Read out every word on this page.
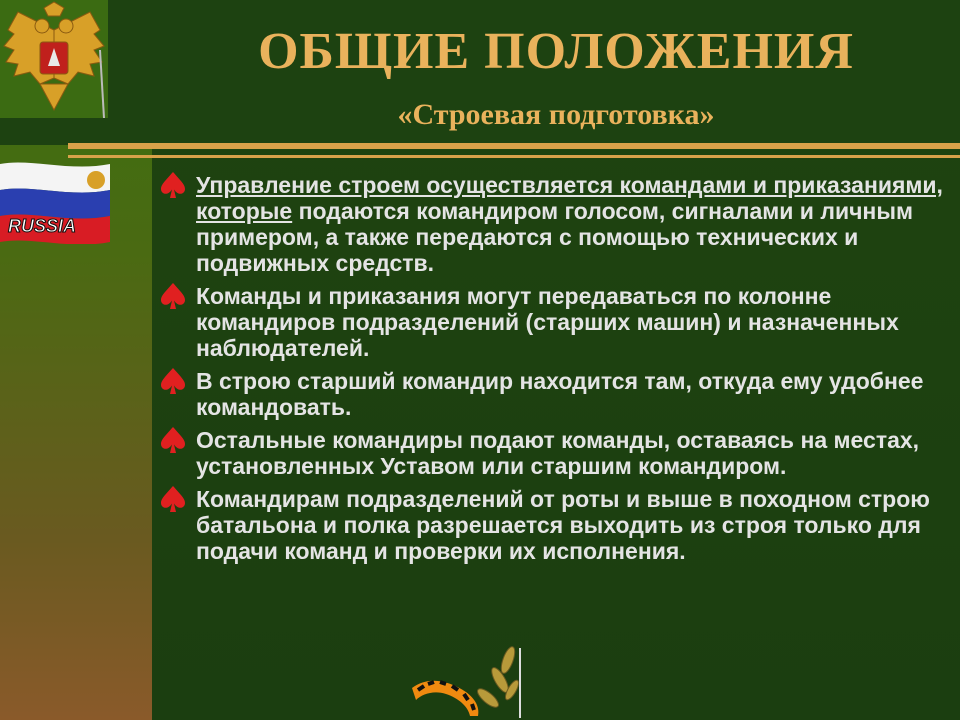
RUSSIA
ОБЩИЕ ПОЛОЖЕНИЯ
«Строевая подготовка»
Управление строем осуществляется командами и приказаниями, которые подаются командиром голосом, сигналами и личным примером, а также передаются с помощью технических и подвижных средств.
Команды и приказания могут передаваться по колонне командиров подразделений (старших машин) и назначенных наблюдателей.
В строю старший командир находится там, откуда ему удобнее командовать.
Остальные командиры подают команды, оставаясь на местах, установленных Уставом или старшим командиром.
Командирам подразделений от роты и выше в походном строю батальона и полка разрешается выходить из строя только для подачи команд и проверки их исполнения.
